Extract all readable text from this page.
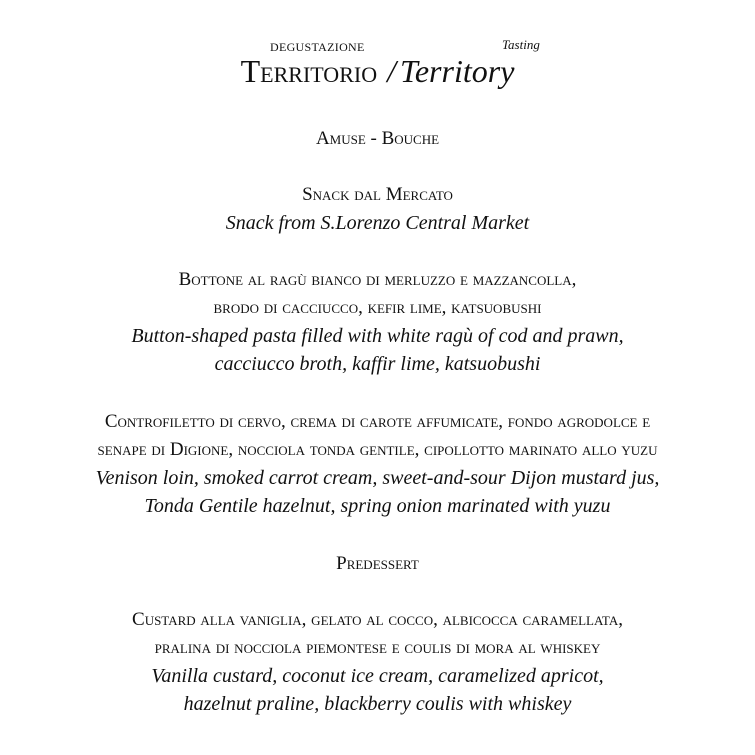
DEGUSTAZIONE	Tasting
Territorio / Territory
Amuse - Bouche
Snack dal Mercato
Snack from S.Lorenzo Central Market
Bottone al ragù bianco di merluzzo e mazzancolla,
brodo di cacciucco, kefir lime, katsuobushi
Button-shaped pasta filled with white ragù of cod and prawn,
cacciucco broth, kaffir lime, katsuobushi
Controfiletto di cervo, crema di carote affumicate, fondo agrodolce e
senape di Digione, nocciola tonda gentile, cipollotto marinato allo yuzu
Venison loin, smoked carrot cream, sweet-and-sour Dijon mustard jus,
Tonda Gentile hazelnut, spring onion marinated with yuzu
Predessert
Custard alla vaniglia, gelato al cocco, albicocca caramellata,
pralina di nocciola piemontese e coulis di mora al whiskey
Vanilla custard, coconut ice cream, caramelized apricot,
hazelnut praline, blackberry coulis with whiskey
